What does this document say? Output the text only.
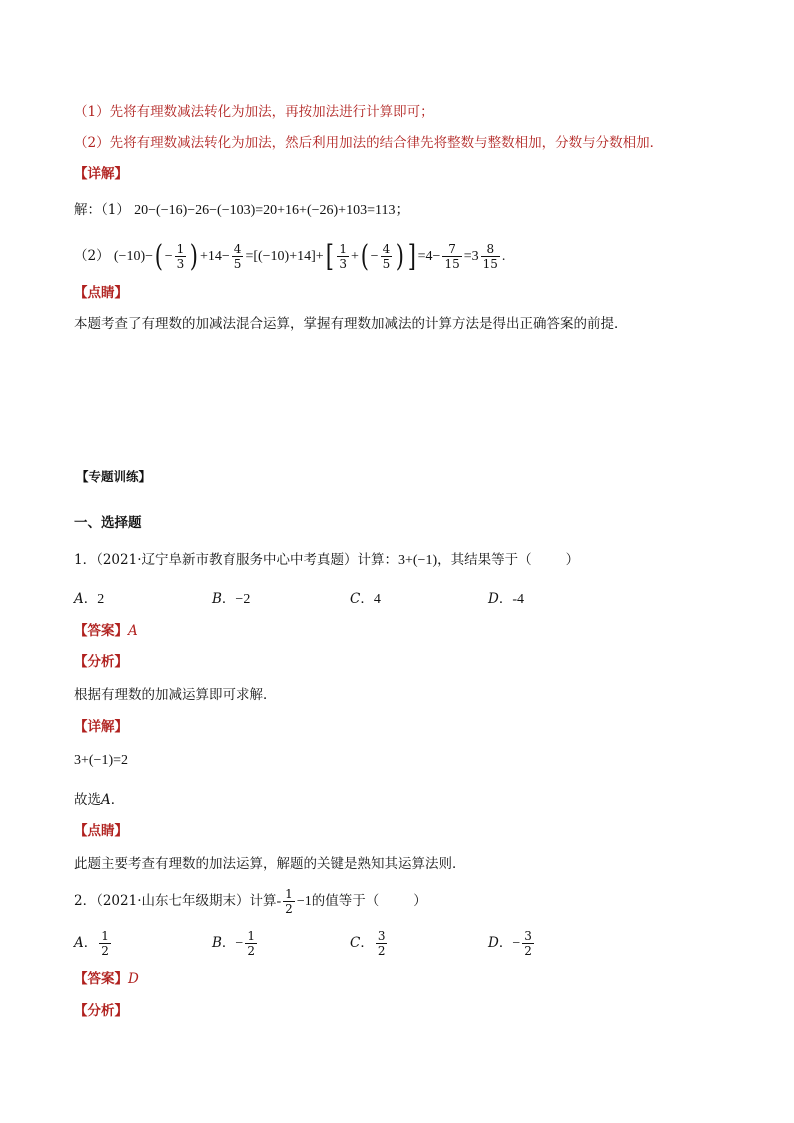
（1）先将有理数减法转化为加法，再按加法进行计算即可；
（2）先将有理数减法转化为加法，然后利用加法的结合律先将整数与整数相加，分数与分数相加．
【详解】
解：（1） 20−(−16)−26−(−103)=20+16+(−26)+103=113；
（2） $(-10)-( - \frac{1}{3}$ ) $+14- \frac{4}{5} =[(-10)+14]+[ \frac{1}{3}$ +( − $\frac{4}{5}$ ) ] $=4- \frac{7}{15} =3 \frac{8}{15}$ .
【点睛】
本题考查了有理数的加减法混合运算，掌握有理数加减法的计算方法是得出正确答案的前提．
【专题训练】
一、选择题
1．（2021·辽宁阜新市教育服务中心中考真题）计算：3+(−1)，其结果等于（	）
A．2	B．−2	C．4	D．-4
【答案】A
【分析】
根据有理数的加减运算即可求解．
【详解】
3+(−1)=2
故选A．
【点睛】
此题主要考查有理数的加法运算，解题的关键是熟知其运算法则．
2．（2021·山东七年级期末）计算- $\frac{1}{2} -1$的值等于（	）
A． $\frac{1}{2}$	B．− $\frac{1}{2}$	C． $\frac{3}{2}$	D．− $\frac{3}{2}$
【答案】D
【分析】
